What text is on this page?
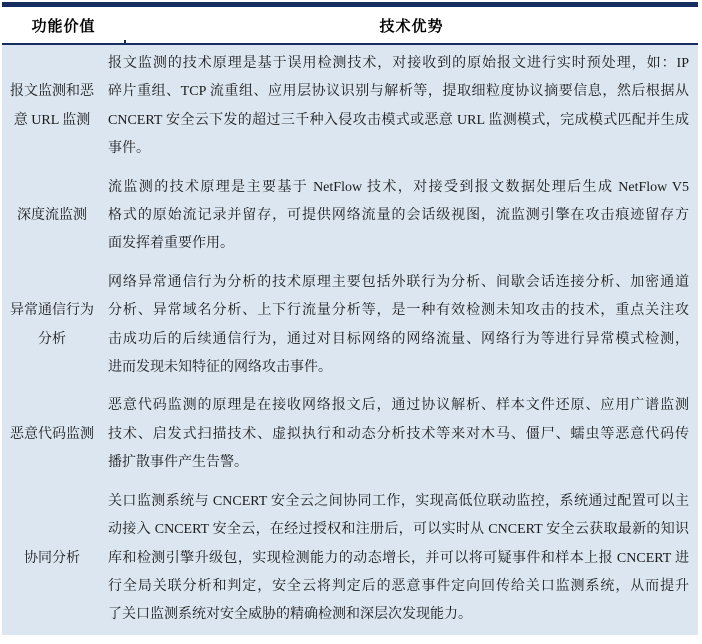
功能价值	技术优势
报文监测和恶意 URL 监测
报文监测的技术原理是基于误用检测技术，对接收到的原始报文进行实时预处理，如：IP
碎片重组、TCP 流重组、应用层协议识别与解析等，提取细粒度协议摘要信息，然后根据从
CNCERT 安全云下发的超过三千种入侵攻击模式或恶意 URL 监测模式，完成模式匹配并生成
事件。
深度流监测
流监测的技术原理是主要基于 NetFlow 技术，对接受到报文数据处理后生成 NetFlow V5
格式的原始流记录并留存，可提供网络流量的会话级视图，流监测引擎在攻击痕迹留存方
面发挥着重要作用。
异常通信行为分析
网络异常通信行为分析的技术原理主要包括外联行为分析、间歇会话连接分析、加密通道
分析、异常域名分析、上下行流量分析等，是一种有效检测未知攻击的技术，重点关注攻
击成功后的后续通信行为，通过对目标网络的网络流量、网络行为等进行异常模式检测，
进而发现未知特征的网络攻击事件。
恶意代码监测
恶意代码监测的原理是在接收网络报文后，通过协议解析、样本文件还原、应用广谱监测
技术、启发式扫描技术、虚拟执行和动态分析技术等来对木马、僵尸、蠕虫等恶意代码传
播扩散事件产生告警。
协同分析
关口监测系统与 CNCERT 安全云之间协同工作，实现高低位联动监控，系统通过配置可以主
动接入 CNCERT 安全云，在经过授权和注册后，可以实时从 CNCERT 安全云获取最新的知识
库和检测引擎升级包，实现检测能力的动态增长，并可以将可疑事件和样本上报 CNCERT 进
行全局关联分析和判定，安全云将判定后的恶意事件定向回传给关口监测系统，从而提升
了关口监测系统对安全威胁的精确检测和深层次发现能力。
